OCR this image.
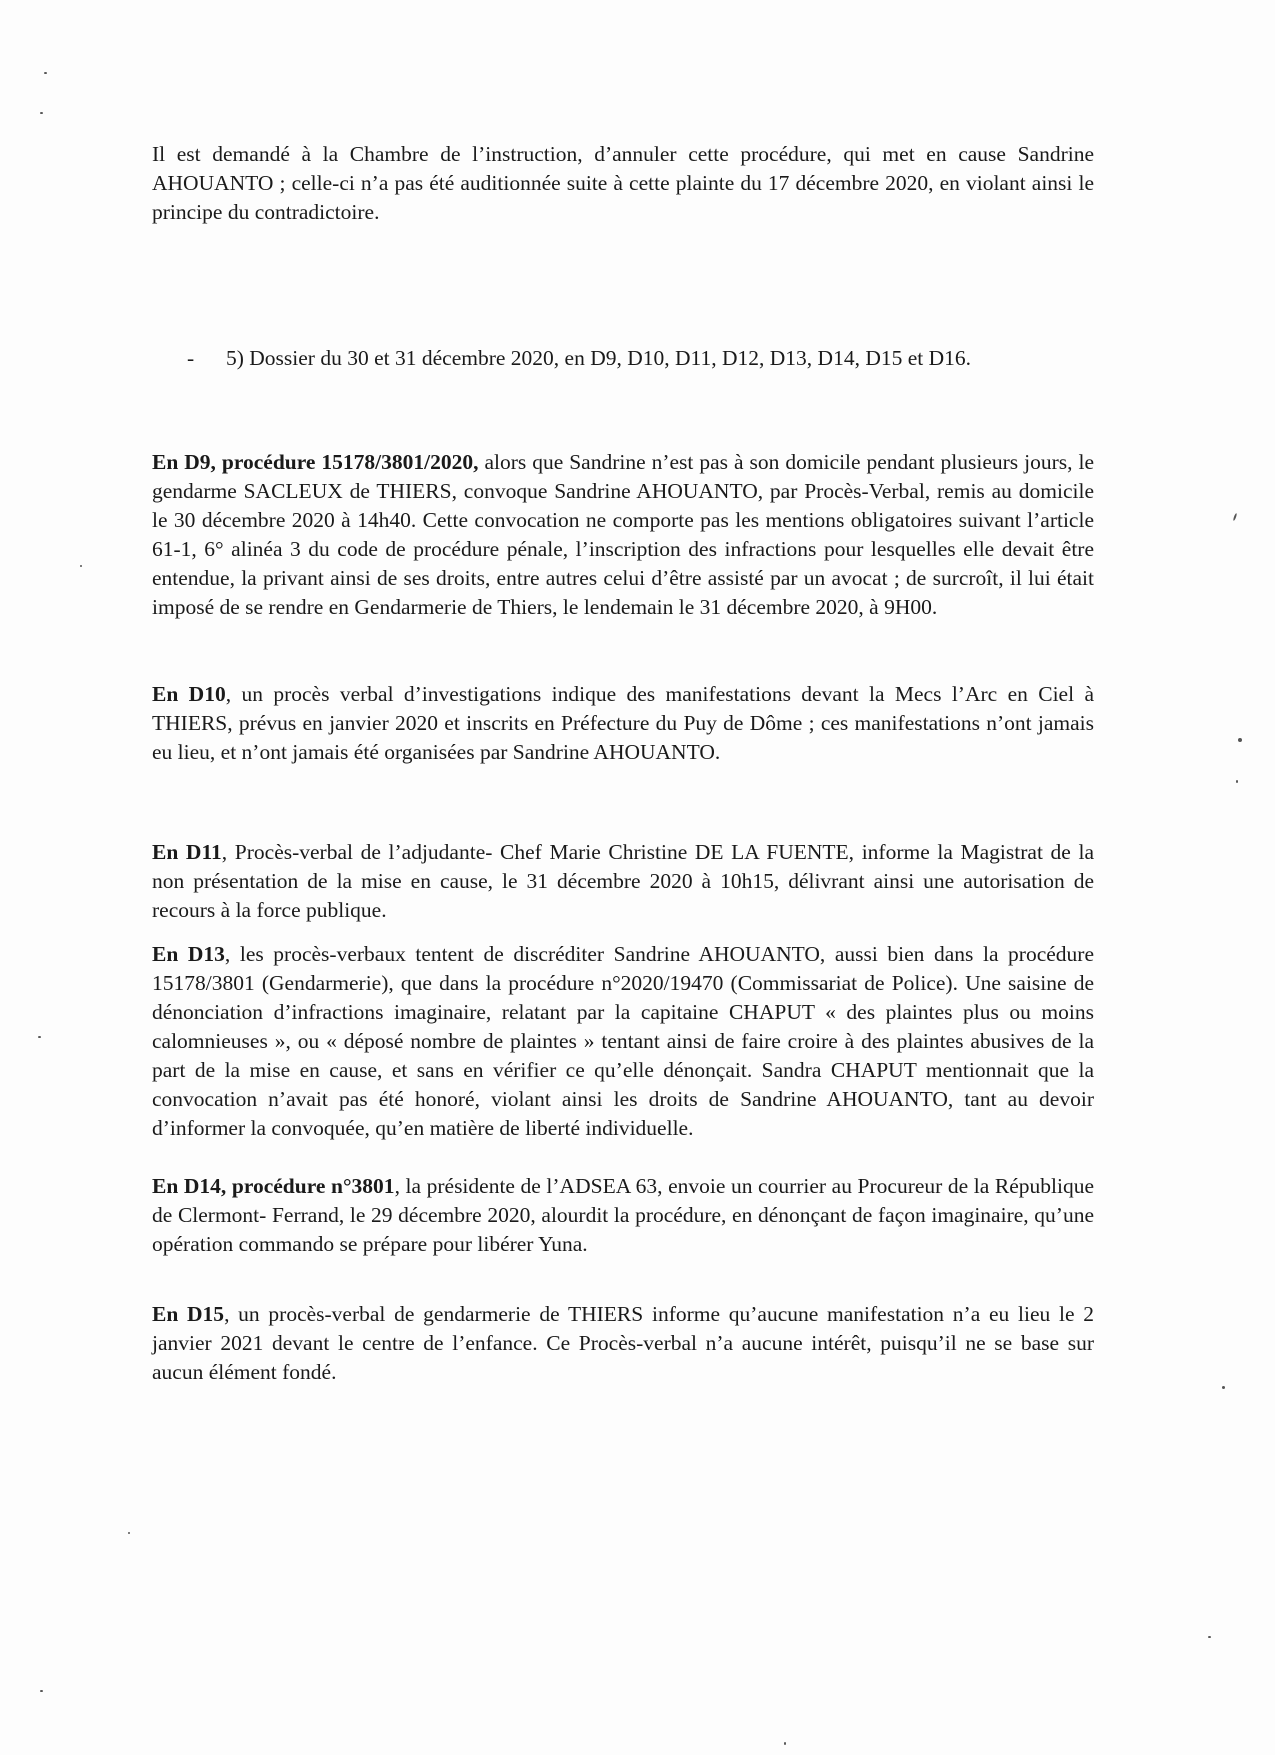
Il est demandé à la Chambre de l’instruction, d’annuler cette procédure, qui met en cause Sandrine AHOUANTO ; celle-ci n’a pas été auditionnée suite à cette plainte du 17 décembre 2020, en violant ainsi le principe du contradictoire.

-	5) Dossier du 30 et 31 décembre 2020, en D9, D10, D11, D12, D13, D14, D15 et D16.

En D9, procédure 15178/3801/2020, alors que Sandrine n’est pas à son domicile pendant plusieurs jours, le gendarme SACLEUX de THIERS, convoque Sandrine AHOUANTO, par Procès-Verbal, remis au domicile le 30 décembre 2020 à 14h40. Cette convocation ne comporte pas les mentions obligatoires suivant l’article 61-1, 6° alinéa 3 du code de procédure pénale, l’inscription des infractions pour lesquelles elle devait être entendue, la privant ainsi de ses droits, entre autres celui d’être assisté par un avocat ; de surcroît, il lui était imposé de se rendre en Gendarmerie de Thiers, le lendemain le 31 décembre 2020, à 9H00.

En D10, un procès verbal d’investigations indique des manifestations devant la Mecs l’Arc en Ciel à THIERS, prévus en janvier 2020 et inscrits en Préfecture du Puy de Dôme ; ces manifestations n’ont jamais eu lieu, et n’ont jamais été organisées par Sandrine AHOUANTO.

En D11, Procès-verbal de l’adjudante- Chef Marie Christine DE LA FUENTE, informe la Magistrat de la non présentation de la mise en cause, le 31 décembre 2020 à 10h15, délivrant ainsi une autorisation de recours à la force publique.

En D13, les procès-verbaux tentent de discréditer Sandrine AHOUANTO, aussi bien dans la procédure 15178/3801 (Gendarmerie), que dans la procédure n°2020/19470 (Commissariat de Police). Une saisine de dénonciation d’infractions imaginaire, relatant par la capitaine CHAPUT « des plaintes plus ou moins calomnieuses », ou « déposé nombre de plaintes » tentant ainsi de faire croire à des plaintes abusives de la part de la mise en cause, et sans en vérifier ce qu’elle dénonçait. Sandra CHAPUT mentionnait que la convocation n’avait pas été honoré, violant ainsi les droits de Sandrine AHOUANTO, tant au devoir d’informer la convoquée, qu’en matière de liberté individuelle.

En D14, procédure n°3801, la présidente de l’ADSEA 63, envoie un courrier au Procureur de la République de Clermont- Ferrand, le 29 décembre 2020, alourdit la procédure, en dénonçant de façon imaginaire, qu’une opération commando se prépare pour libérer Yuna.

En D15, un procès-verbal de gendarmerie de THIERS informe qu’aucune manifestation n’a eu lieu le 2 janvier 2021 devant le centre de l’enfance. Ce Procès-verbal n’a aucune intérêt, puisqu’il ne se base sur aucun élément fondé.
